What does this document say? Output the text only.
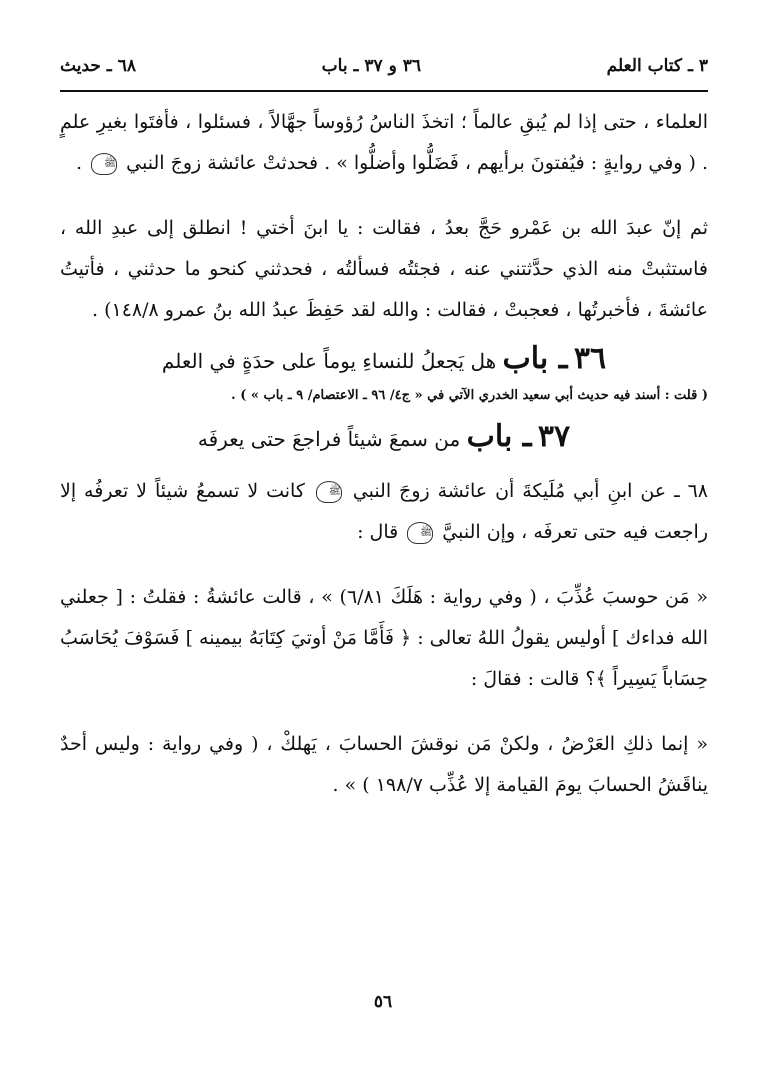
٣ ـ كتاب العلم
٣٦ و ٣٧ ـ باب
٦٨ ـ حديث

العلماء ، حتى إذا لم يُبقِ عالماً ؛ اتخذَ الناسُ رُؤوساً جهَّالاً ، فسئلوا ، فأفتَوا بغيرِ علمٍ . ( وفي روايةٍ : فيُفتونَ برأيهم ، فَضَلُّوا وأضلُّوا » . فحدثتْ عائشة زوجَ النبي ﷺ .

ثم إنّ عبدَ الله بن عَمْرو حَجَّ بعدُ ، فقالت : يا ابنَ أختي ! انطلق إلى عبدِ الله ، فاستثبتْ منه الذي حدَّثتني عنه ، فجئتُه فسألتُه ، فحدثني كنحو ما حدثني ، فأتيتُ عائشةَ ، فأخبرتُها ، فعجبتْ ، فقالت : والله لقد حَفِظَ عبدُ الله بنُ عمرو ١٤٨/٨) .

٣٦ ـ باب هل يَجعلُ للنساءِ يوماً على حدَةٍ في العلم

( قلت : أسند فيه حديث أبي سعيد الخدري الآتي في « ج٤/ ٩٦ ـ الاعتصام/ ٩ ـ باب » ) .

٣٧ ـ باب من سمعَ شيئاً فراجعَ حتى يعرفَه

٦٨ ـ عن ابنِ أبي مُلَيكةَ أن عائشة زوجَ النبي ﷺ كانت لا تسمعُ شيئاً لا تعرفُه إلا راجعت فيه حتى تعرفَه ، وإن النبيَّ ﷺ قال :

« مَن حوسبَ عُذِّبَ ، ( وفي رواية : هَلَكَ ٦/٨١) » ، قالت عائشةُ : فقلتُ : [ جعلني الله فداءك ] أوليس يقولُ اللهُ تعالى : ﴿ فَأَمَّا مَنْ أوتيَ كِتَابَهُ بيمينه ] فَسَوْفَ يُحَاسَبُ حِسَاباً يَسِيراً ﴾؟ قالت : فقالَ :

« إنما ذلكِ العَرْضُ ، ولكنْ مَن نوقشَ الحسابَ ، يَهلكْ ، ( وفي رواية : وليس أحدٌ يناقَشُ الحسابَ يومَ القيامة إلا عُذِّب ١٩٨/٧ ) » .

٥٦
